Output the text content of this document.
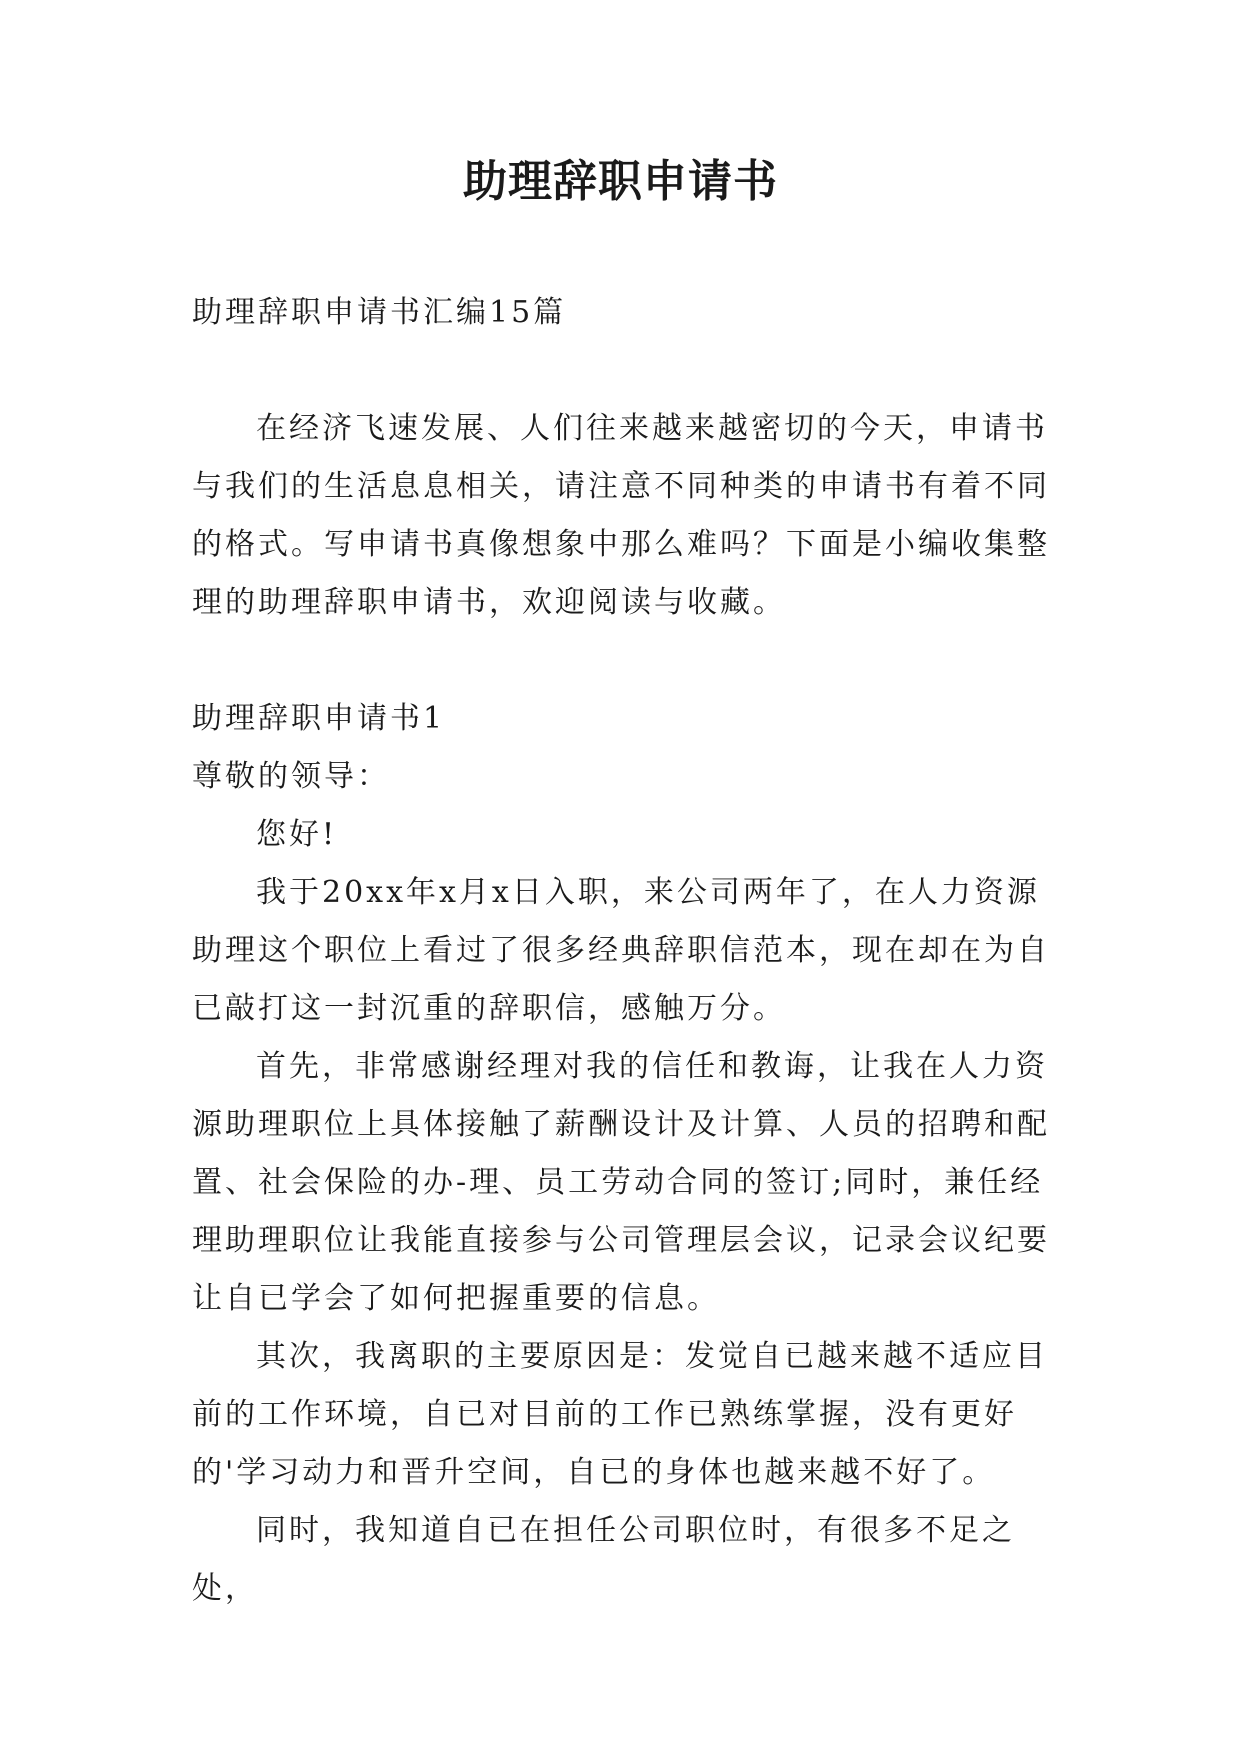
助理辞职申请书

助理辞职申请书汇编15篇

在经济飞速发展、人们往来越来越密切的今天，申请书与我们的生活息息相关，请注意不同种类的申请书有着不同的格式。写申请书真像想象中那么难吗？下面是小编收集整理的助理辞职申请书，欢迎阅读与收藏。

助理辞职申请书1

尊敬的领导：

您好!

我于20xx年x月x日入职，来公司两年了，在人力资源助理这个职位上看过了很多经典辞职信范本，现在却在为自已敲打这一封沉重的辞职信，感触万分。

首先，非常感谢经理对我的信任和教诲，让我在人力资源助理职位上具体接触了薪酬设计及计算、人员的招聘和配置、社会保险的办-理、员工劳动合同的签订;同时，兼任经理助理职位让我能直接参与公司管理层会议，记录会议纪要让自已学会了如何把握重要的信息。

其次，我离职的主要原因是：发觉自已越来越不适应目前的工作环境，自已对目前的工作已熟练掌握，没有更好的'学习动力和晋升空间，自已的身体也越来越不好了。

同时，我知道自已在担任公司职位时，有很多不足之处，
